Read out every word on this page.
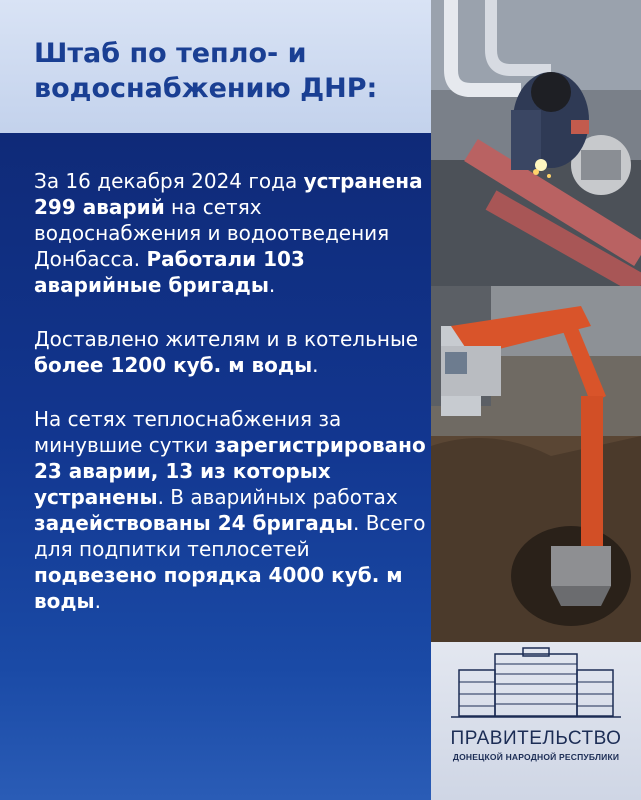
Штаб по тепло- и водоснабжению ДНР:

За 16 декабря 2024 года устранена 299 аварий на сетях водоснабжения и водоотведения Донбасса. Работали 103 аварийные бригады.

Доставлено жителям и в котельные более 1200 куб. м воды.

На сетях теплоснабжения за минувшие сутки зарегистрировано 23 аварии, 13 из которых устранены. В аварийных работах задействованы 24 бригады. Всего для подпитки теплосетей подвезено порядка 4000 куб. м воды.

ПРАВИТЕЛЬСТВО

ДОНЕЦКОЙ НАРОДНОЙ РЕСПУБЛИКИ
